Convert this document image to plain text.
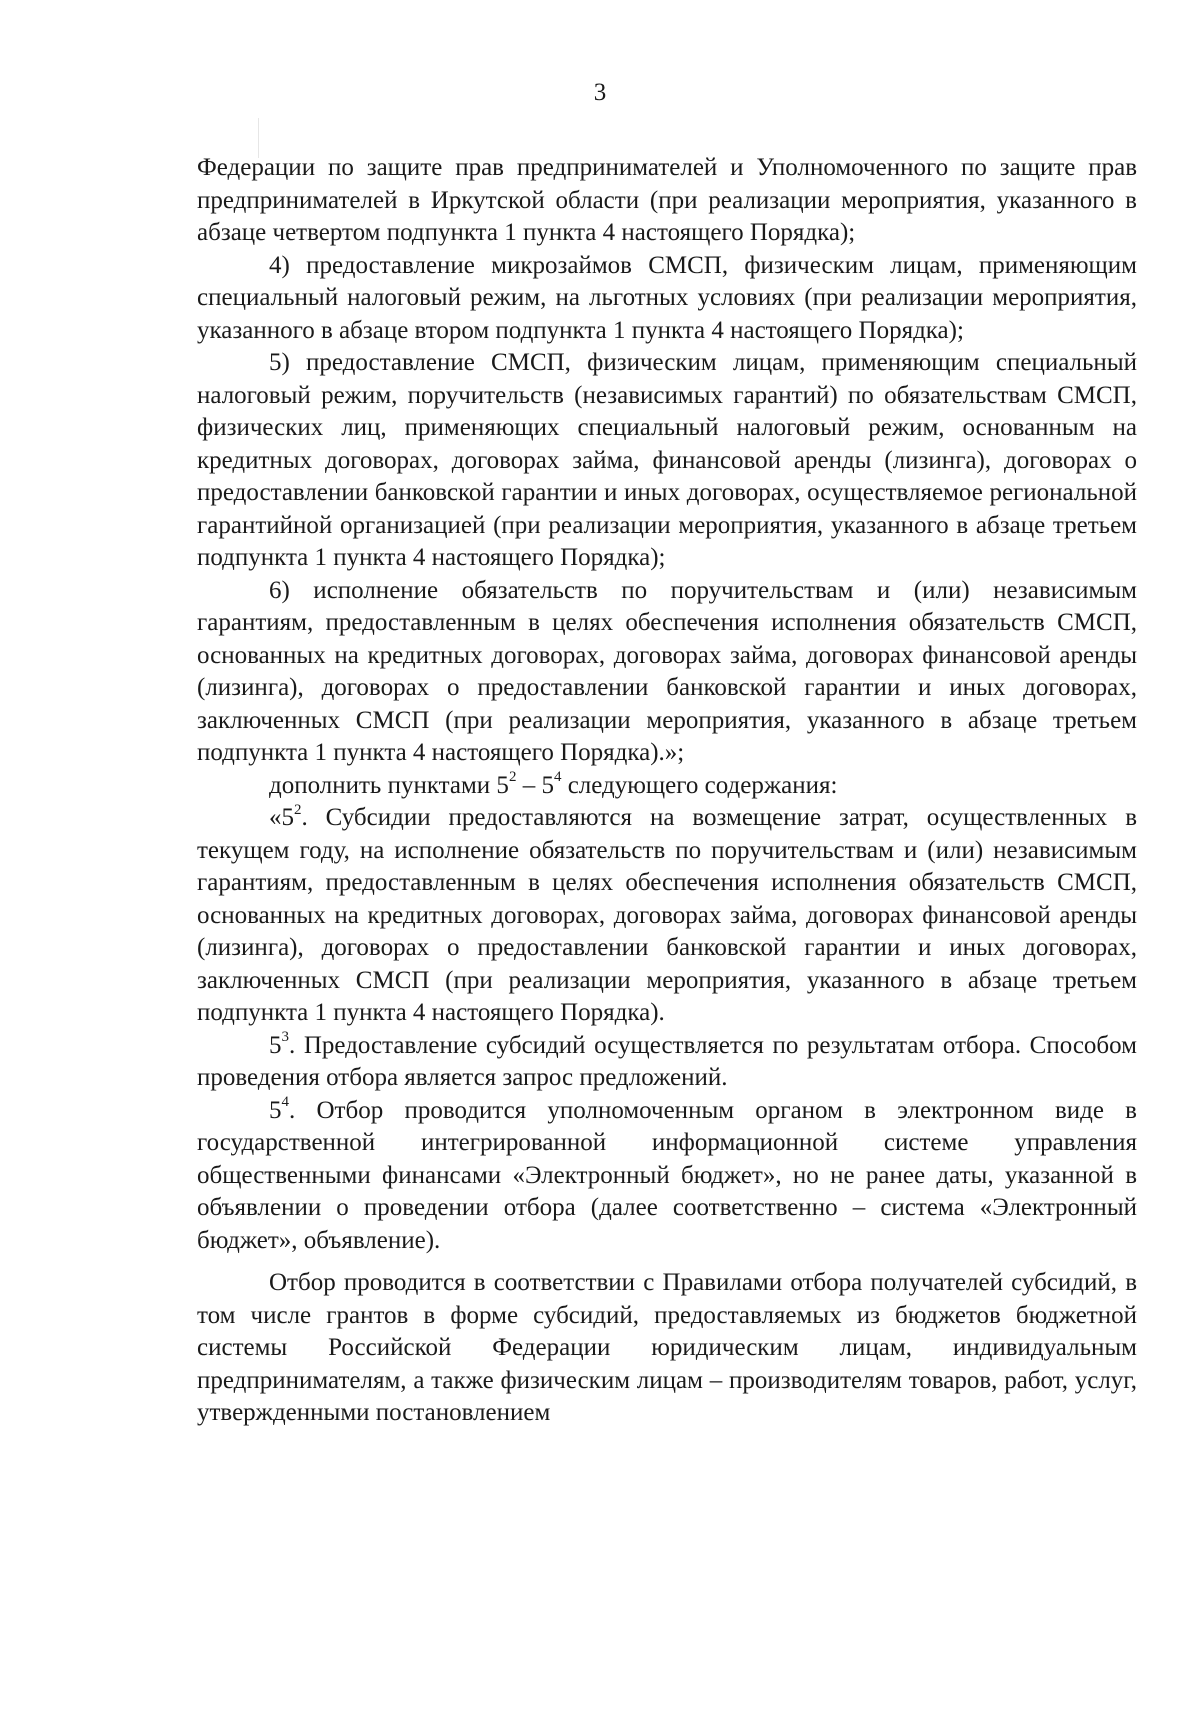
3

Федерации по защите прав предпринимателей и Уполномоченного по защите прав предпринимателей в Иркутской области (при реализации мероприятия, указанного в абзаце четвертом подпункта 1 пункта 4 настоящего Порядка);

4) предоставление микрозаймов СМСП, физическим лицам, применяющим специальный налоговый режим, на льготных условиях (при реализации мероприятия, указанного в абзаце втором подпункта 1 пункта 4 настоящего Порядка);

5) предоставление СМСП, физическим лицам, применяющим специальный налоговый режим, поручительств (независимых гарантий) по обязательствам СМСП, физических лиц, применяющих специальный налоговый режим, основанным на кредитных договорах, договорах займа, финансовой аренды (лизинга), договорах о предоставлении банковской гарантии и иных договорах, осуществляемое региональной гарантийной организацией (при реализации мероприятия, указанного в абзаце третьем подпункта 1 пункта 4 настоящего Порядка);

6) исполнение обязательств по поручительствам и (или) независимым гарантиям, предоставленным в целях обеспечения исполнения обязательств СМСП, основанных на кредитных договорах, договорах займа, договорах финансовой аренды (лизинга), договорах о предоставлении банковской гарантии и иных договорах, заключенных СМСП (при реализации мероприятия, указанного в абзаце третьем подпункта 1 пункта 4 настоящего Порядка).»;

дополнить пунктами $5^2 - 5^4$ следующего содержания:

«$5^2$. Субсидии предоставляются на возмещение затрат, осуществленных в текущем году, на исполнение обязательств по поручительствам и (или) независимым гарантиям, предоставленным в целях обеспечения исполнения обязательств СМСП, основанных на кредитных договорах, договорах займа, договорах финансовой аренды (лизинга), договорах о предоставлении банковской гарантии и иных договорах, заключенных СМСП (при реализации мероприятия, указанного в абзаце третьем подпункта 1 пункта 4 настоящего Порядка).

$5^3$. Предоставление субсидий осуществляется по результатам отбора. Способом проведения отбора является запрос предложений.

$5^4$. Отбор проводится уполномоченным органом в электронном виде в государственной интегрированной информационной системе управления общественными финансами «Электронный бюджет», но не ранее даты, указанной в объявлении о проведении отбора (далее соответственно – система «Электронный бюджет», объявление).

Отбор проводится в соответствии с Правилами отбора получателей субсидий, в том числе грантов в форме субсидий, предоставляемых из бюджетов бюджетной системы Российской Федерации юридическим лицам, индивидуальным предпринимателям, а также физическим лицам – производителям товаров, работ, услуг, утвержденными постановлением
